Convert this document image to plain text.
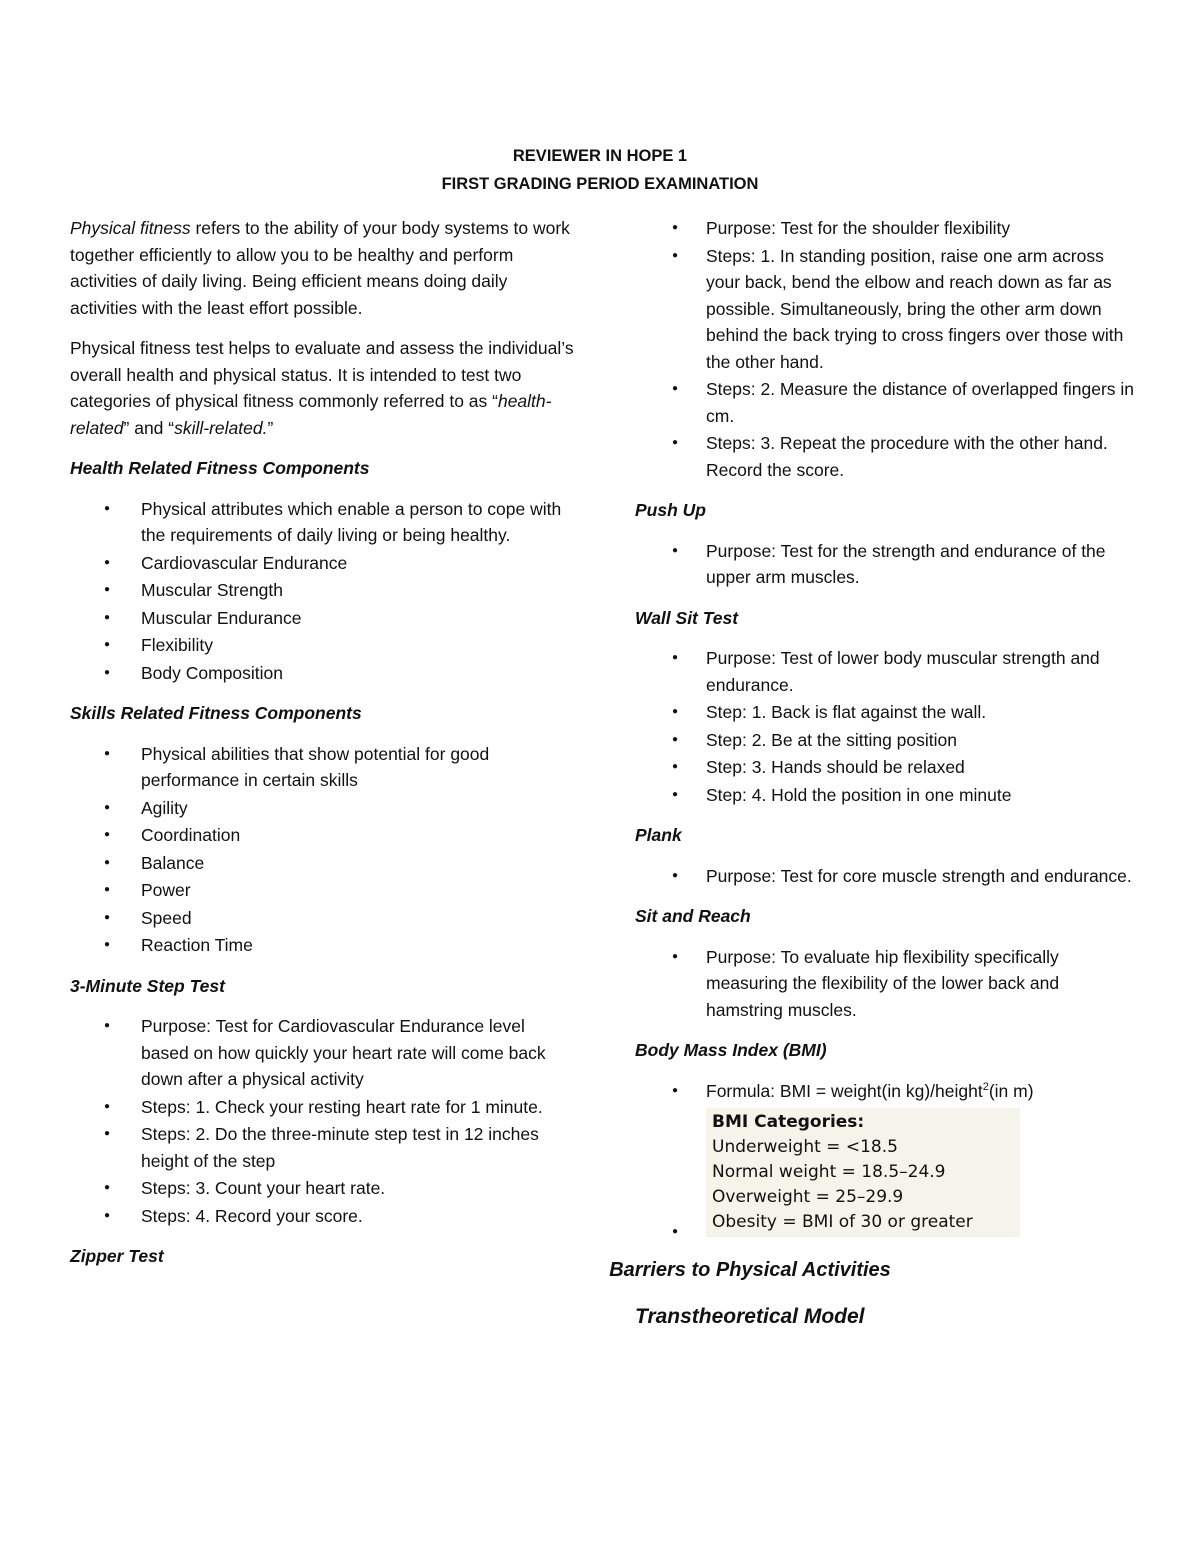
REVIEWER IN HOPE 1
FIRST GRADING PERIOD EXAMINATION

Physical fitness refers to the ability of your body systems to work together efficiently to allow you to be healthy and perform activities of daily living. Being efficient means doing daily activities with the least effort possible.

Physical fitness test helps to evaluate and assess the individual’s overall health and physical status. It is intended to test two categories of physical fitness commonly referred to as “health-related” and “skill-related.”

Health Related Fitness Components
● Physical attributes which enable a person to cope with the requirements of daily living or being healthy.
● Cardiovascular Endurance
● Muscular Strength
● Muscular Endurance
● Flexibility
● Body Composition
Skills Related Fitness Components
● Physical abilities that show potential for good performance in certain skills
● Agility
● Coordination
● Balance
● Power
● Speed
● Reaction Time
3-Minute Step Test
● Purpose: Test for Cardiovascular Endurance level based on how quickly your heart rate will come back down after a physical activity
● Steps: 1. Check your resting heart rate for 1 minute.
● Steps: 2. Do the three-minute step test in 12 inches height of the step
● Steps: 3. Count your heart rate.
● Steps: 4. Record your score.
Zipper Test
● Purpose: Test for the shoulder flexibility
● Steps: 1. In standing position, raise one arm across your back, bend the elbow and reach down as far as possible. Simultaneously, bring the other arm down behind the back trying to cross fingers over those with the other hand.
● Steps: 2. Measure the distance of overlapped fingers in cm.
● Steps: 3. Repeat the procedure with the other hand. Record the score.
Push Up
● Purpose: Test for the strength and endurance of the upper arm muscles.
Wall Sit Test
● Purpose: Test of lower body muscular strength and endurance.
● Step: 1. Back is flat against the wall.
● Step: 2. Be at the sitting position
● Step: 3. Hands should be relaxed
● Step: 4. Hold the position in one minute
Plank
● Purpose: Test for core muscle strength and endurance.
Sit and Reach
● Purpose: To evaluate hip flexibility specifically measuring the flexibility of the lower back and hamstring muscles.
Body Mass Index (BMI)
● Formula: BMI = weight(in kg)/height$^2$(in m)
BMI Categories:
Underweight = <18.5
Normal weight = 18.5–24.9
Overweight = 25–29.9
Obesity = BMI of 30 or greater
●
Barriers to Physical Activities
Transtheoretical Model
